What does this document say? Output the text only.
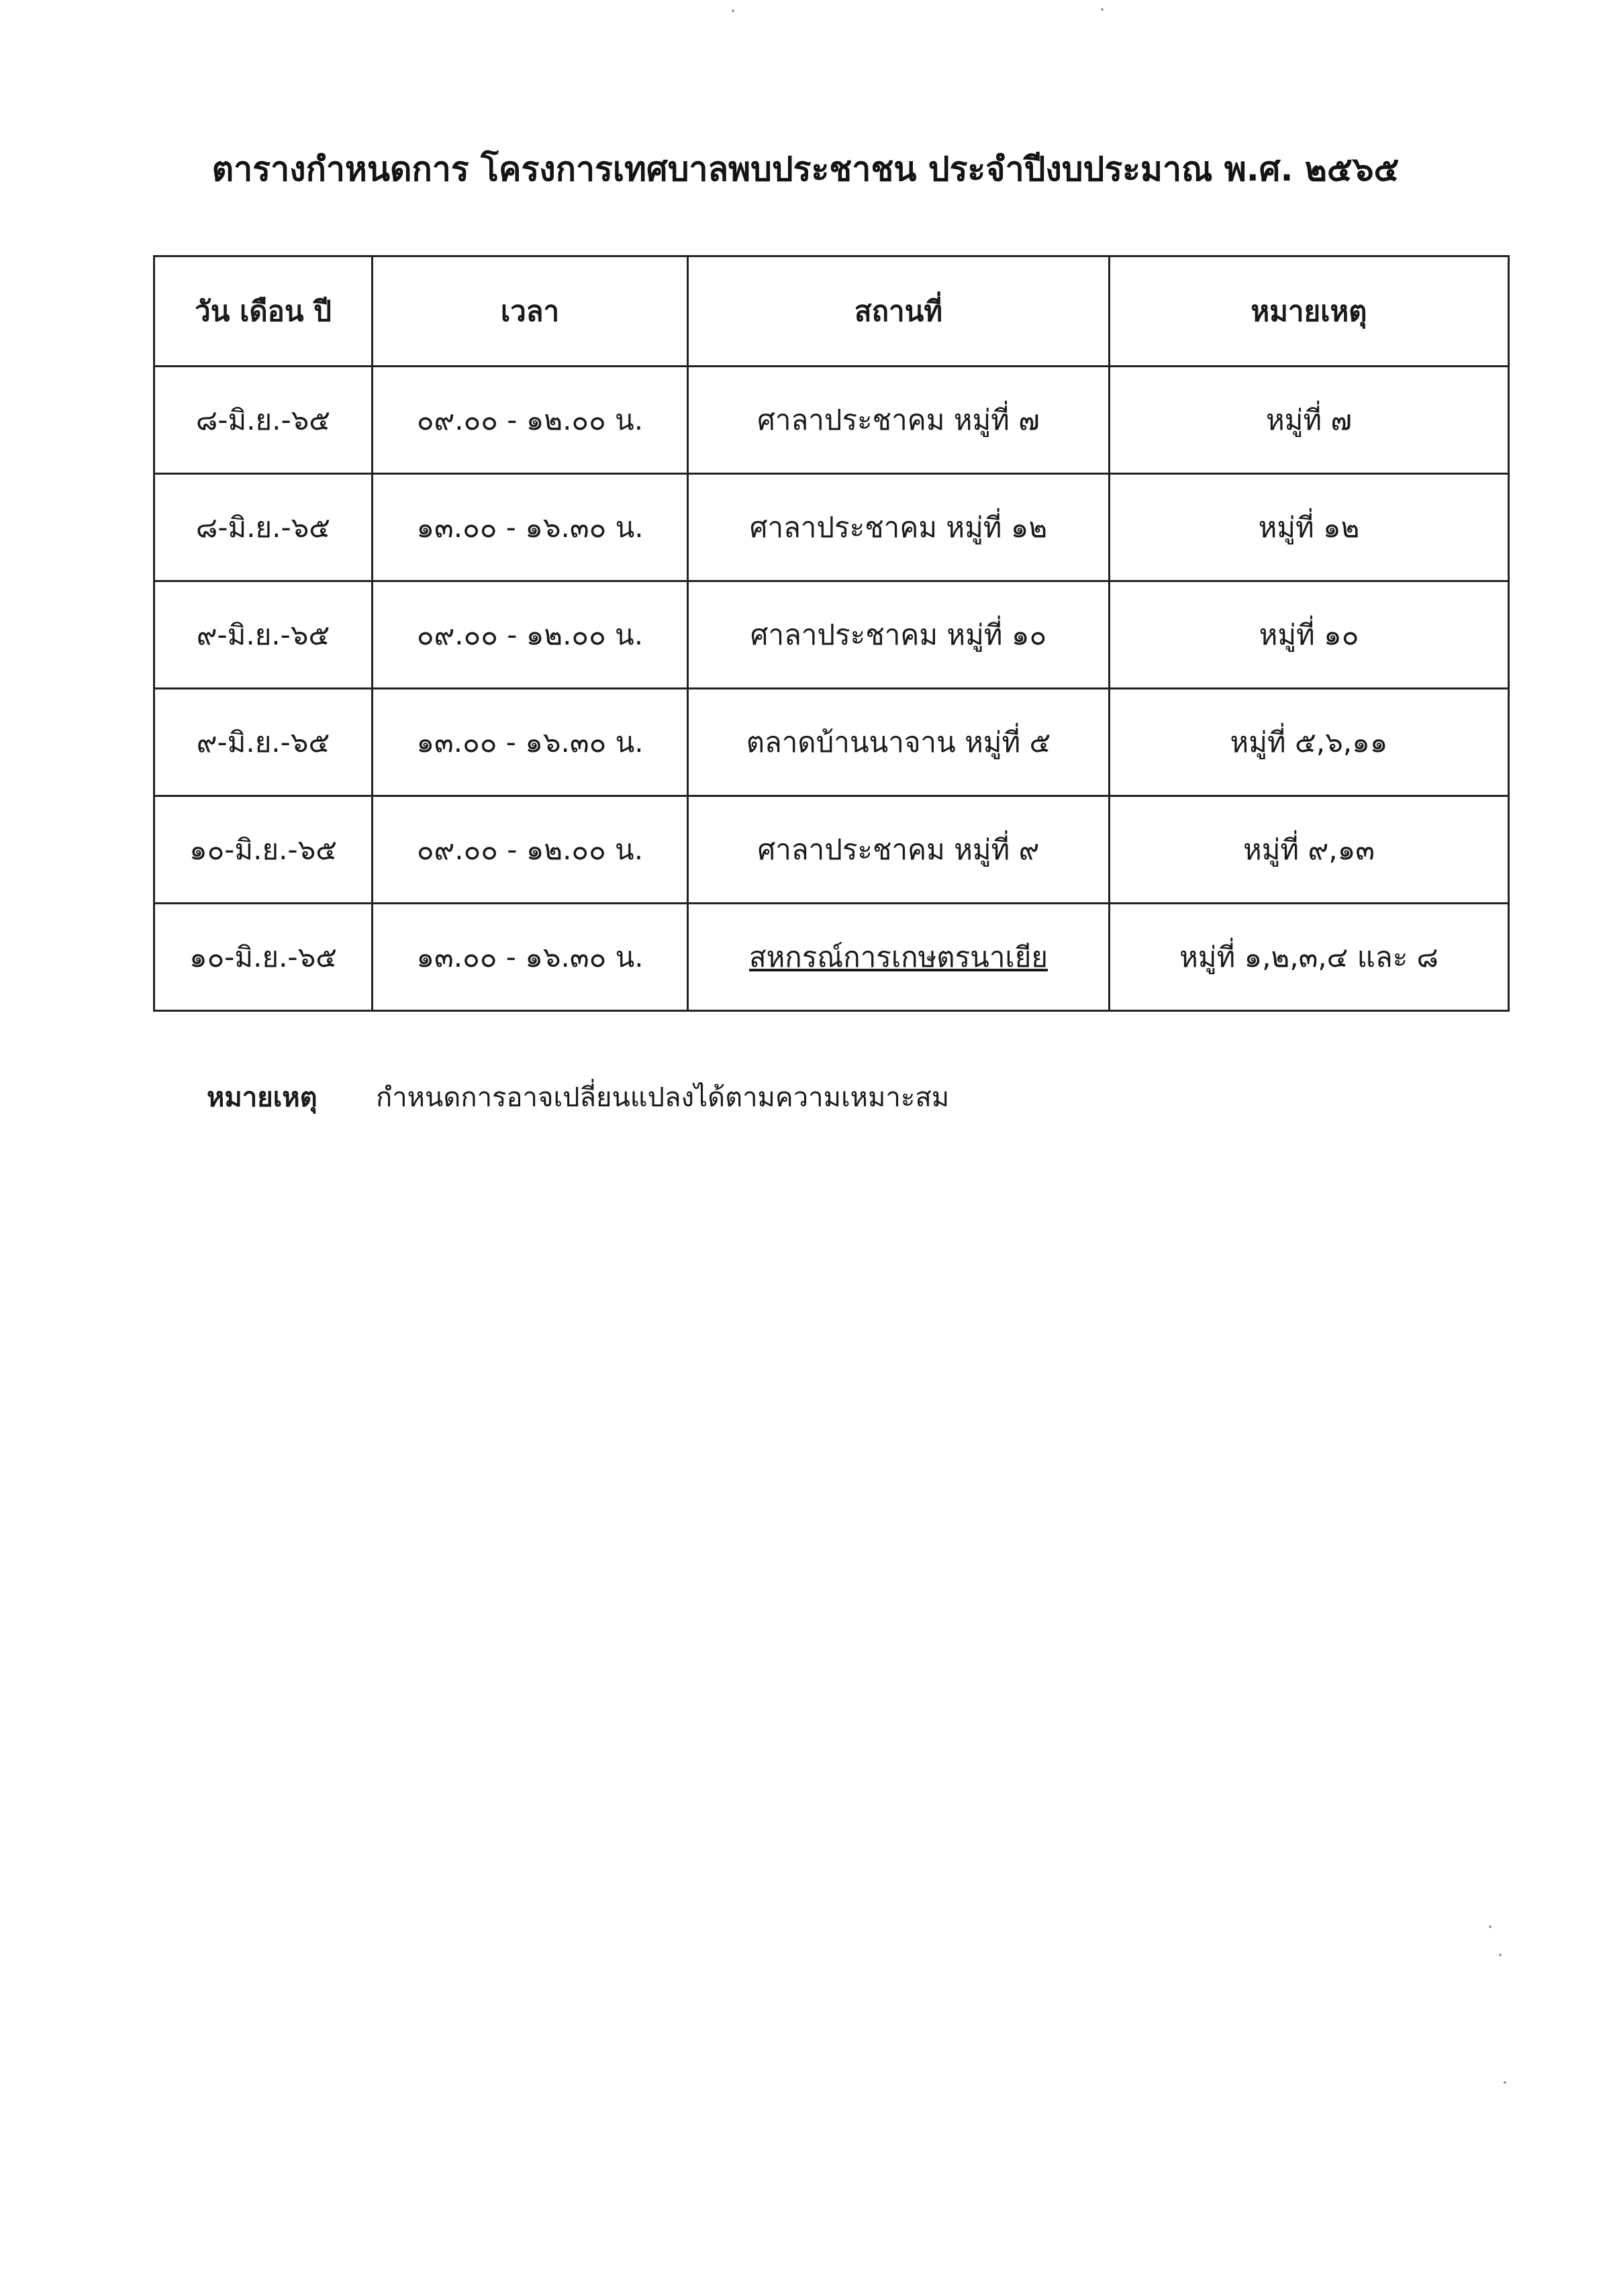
ตารางกำหนดการ โครงการเทศบาลพบประชาชน ประจำปีงบประมาณ พ.ศ. ๒๕๖๕
วัน เดือน ปี	เวลา	สถานที่	หมายเหตุ
๘-มิ.ย.-๖๕	๐๙.๐๐ - ๑๒.๐๐ น.	ศาลาประชาคม หมู่ที่ ๗	หมู่ที่ ๗
๘-มิ.ย.-๖๕	๑๓.๐๐ - ๑๖.๓๐ น.	ศาลาประชาคม หมู่ที่ ๑๒	หมู่ที่ ๑๒
๙-มิ.ย.-๖๕	๐๙.๐๐ - ๑๒.๐๐ น.	ศาลาประชาคม หมู่ที่ ๑๐	หมู่ที่ ๑๐
๙-มิ.ย.-๖๕	๑๓.๐๐ - ๑๖.๓๐ น.	ตลาดบ้านนาจาน หมู่ที่ ๕	หมู่ที่ ๕,๖,๑๑
๑๐-มิ.ย.-๖๕	๐๙.๐๐ - ๑๒.๐๐ น.	ศาลาประชาคม หมู่ที่ ๙	หมู่ที่ ๙,๑๓
๑๐-มิ.ย.-๖๕	๑๓.๐๐ - ๑๖.๓๐ น.	สหกรณ์การเกษตรนาเยีย	หมู่ที่ ๑,๒,๓,๔ และ ๘
หมายเหตุ กำหนดการอาจเปลี่ยนแปลงได้ตามความเหมาะสม
